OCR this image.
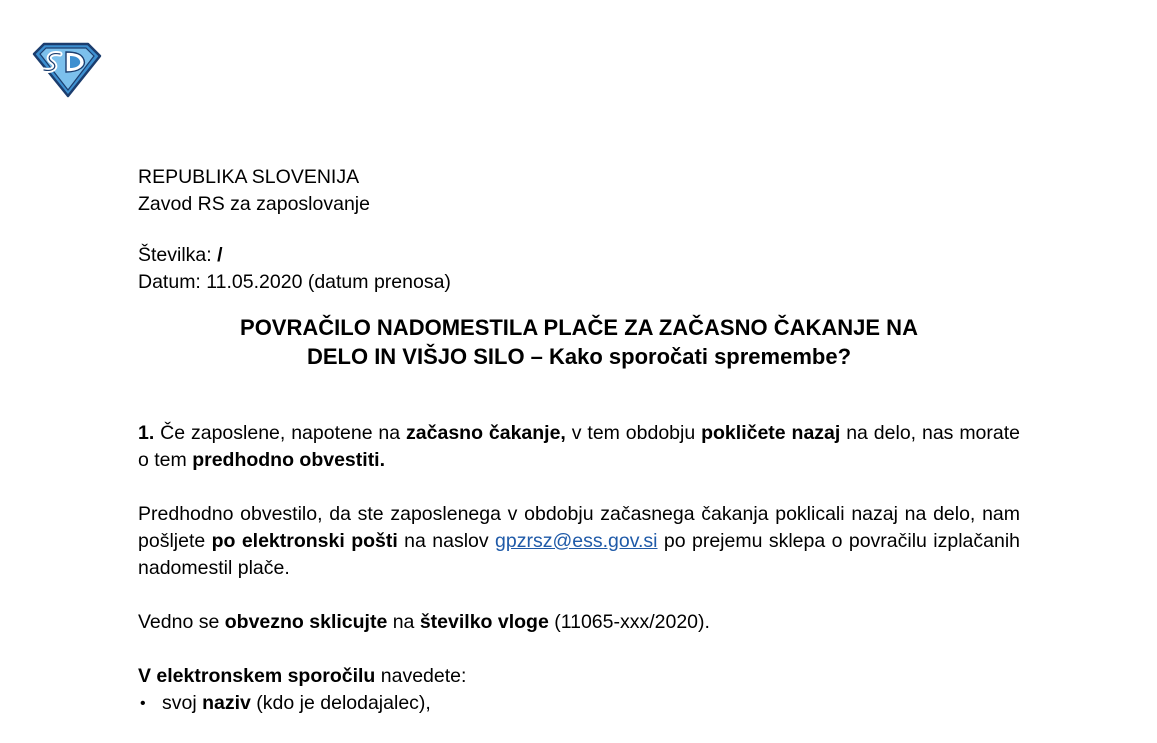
REPUBLIKA SLOVENIJA
Zavod RS za zaposlovanje
Številka: /
Datum: 11.05.2020 (datum prenosa)
POVRAČILO NADOMESTILA PLAČE ZA ZAČASNO ČAKANJE NA
DELO IN VIŠJO SILO – Kako sporočati spremembe?
1. Če zaposlene, napotene na začasno čakanje, v tem obdobju pokličete nazaj na delo, nas morate o tem predhodno obvestiti.
Predhodno obvestilo, da ste zaposlenega v obdobju začasnega čakanja poklicali nazaj na delo, nam pošljete po elektronski pošti na naslov gpzrsz@ess.gov.si po prejemu sklepa o povračilu izplačanih nadomestil plače.
Vedno se obvezno sklicujte na številko vloge (11065-xxx/2020).
V elektronskem sporočilu navedete:
• svoj naziv (kdo je delodajalec),
